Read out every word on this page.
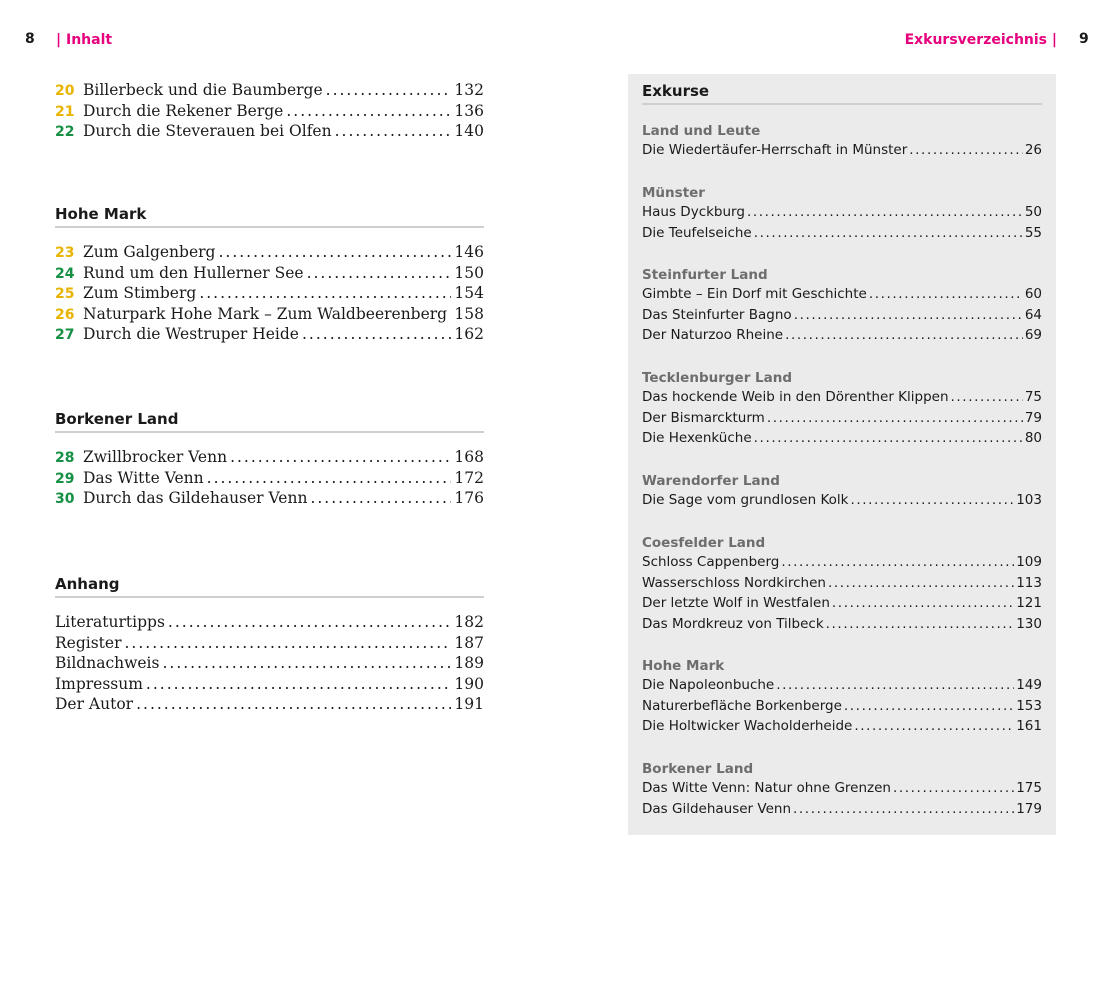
8 | Inhalt	Exkursverzeichnis | 9
20 Billerbeck und die Baumberge .....	132
21 Durch die Rekener Berge .....	136
22 Durch die Steverauen bei Olfen .....	140
Hohe Mark
23 Zum Galgenberg .....	146
24 Rund um den Hullerner See .....	150
25 Zum Stimberg .....	154
26 Naturpark Hohe Mark – Zum Waldbeerenberg ..... 158
27 Durch die Westruper Heide .....	162
Borkener Land
28 Zwillbrocker Venn .....	168
29 Das Witte Venn .....	172
30 Durch das Gildehauser Venn .....	176
Anhang
Literaturtipps .....	182
Register .....	187
Bildnachweis .....	189
Impressum .....	190
Der Autor .....	191
Exkurse
Land und Leute
Die Wiedertäufer-Herrschaft in Münster .....	26
Münster
Haus Dyckburg .....	50
Die Teufelseiche .....	55
Steinfurter Land
Gimbte – Ein Dorf mit Geschichte .....	60
Das Steinfurter Bagno .....	64
Der Naturzoo Rheine .....	69
Tecklenburger Land
Das hockende Weib in den Dörenther Klippen .....	75
Der Bismarckturm .....	79
Die Hexenküche .....	80
Warendorfer Land
Die Sage vom grundlosen Kolk .....	103
Coesfelder Land
Schloss Cappenberg .....	109
Wasserschloss Nordkirchen .....	113
Der letzte Wolf in Westfalen .....	121
Das Mordkreuz von Tilbeck .....	130
Hohe Mark
Die Napoleonbuche .....	149
Naturerbefläche Borkenberge .....	153
Die Holtwicker Wacholderheide .....	161
Borkener Land
Das Witte Venn: Natur ohne Grenzen .....	175
Das Gildehauser Venn .....	179
